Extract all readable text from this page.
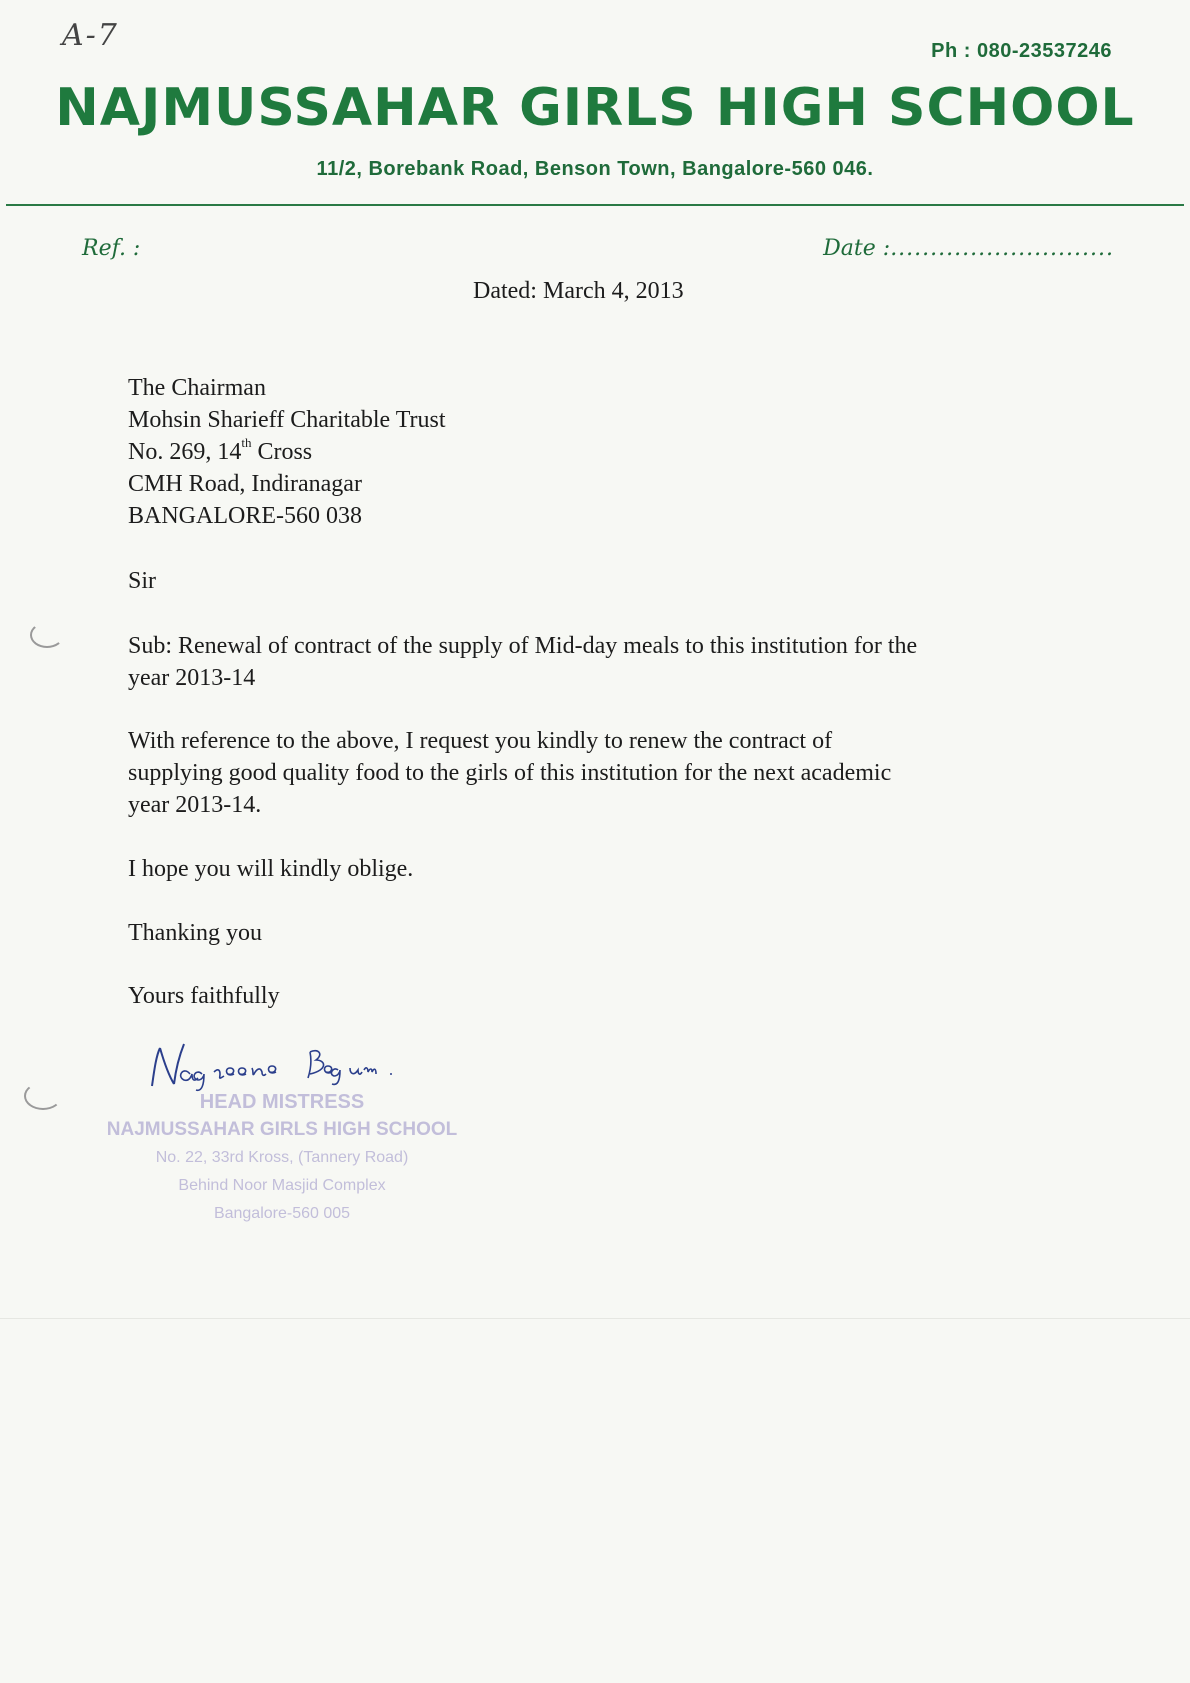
A-7	Ph : 080-23537246
NAJMUSSAHAR GIRLS HIGH SCHOOL
11/2, Borebank Road, Benson Town, Bangalore-560 046.
Ref. :	Date :............................
Dated: March 4, 2013
The Chairman
Mohsin Sharieff Charitable Trust
No. 269, 14th Cross
CMH Road, Indiranagar
BANGALORE-560 038
Sir
Sub: Renewal of contract of the supply of Mid-day meals to this institution for the
year 2013-14
With reference to the above, I request you kindly to renew the contract of
supplying good quality food to the girls of this institution for the next academic
year 2013-14.
I hope you will kindly oblige.
Thanking you
Yours faithfully
HEAD MISTRESS
NAJMUSSAHAR GIRLS HIGH SCHOOL
No. 22, 33rd Kross, (Tannery Road)
Behind Noor Masjid Complex
Bangalore-560 005
